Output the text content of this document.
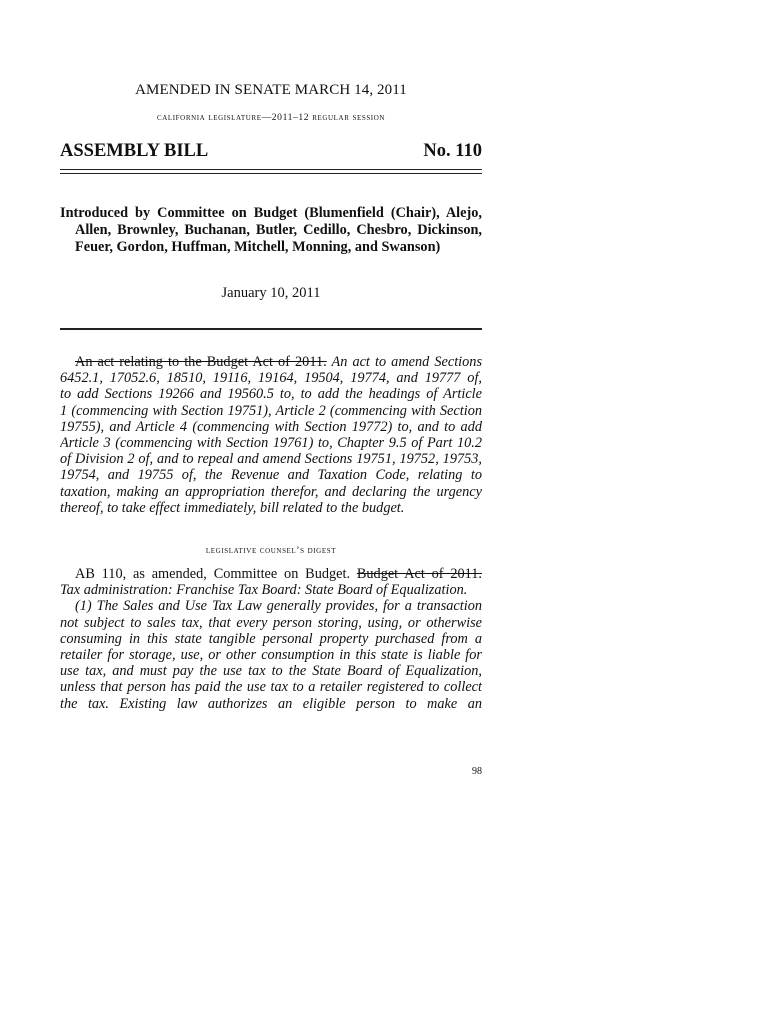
AMENDED IN SENATE MARCH 14, 2011
california legislature—2011–12 regular session
ASSEMBLY BILL	No. 110
Introduced by Committee on Budget (Blumenfield (Chair), Alejo,
Allen, Brownley, Buchanan, Butler, Cedillo, Chesbro, Dickinson,
Feuer, Gordon, Huffman, Mitchell, Monning, and Swanson)
January 10, 2011
An act relating to the Budget Act of 2011. An act to amend Sections
6452.1, 17052.6, 18510, 19116, 19164, 19504, 19774, and 19777 of,
to add Sections 19266 and 19560.5 to, to add the headings of Article
1 (commencing with Section 19751), Article 2 (commencing with Section
19755), and Article 4 (commencing with Section 19772) to, and to add
Article 3 (commencing with Section 19761) to, Chapter 9.5 of Part 10.2
of Division 2 of, and to repeal and amend Sections 19751, 19752, 19753,
19754, and 19755 of, the Revenue and Taxation Code, relating to
taxation, making an appropriation therefor, and declaring the urgency
thereof, to take effect immediately, bill related to the budget.
legislative counsel’s digest
AB 110, as amended, Committee on Budget. Budget Act of 2011.
Tax administration: Franchise Tax Board: State Board of Equalization.
(1) The Sales and Use Tax Law generally provides, for a transaction
not subject to sales tax, that every person storing, using, or otherwise
consuming in this state tangible personal property purchased from a
retailer for storage, use, or other consumption in this state is liable for
use tax, and must pay the use tax to the State Board of Equalization,
unless that person has paid the use tax to a retailer registered to collect
the tax. Existing law authorizes an eligible person to make an
98
